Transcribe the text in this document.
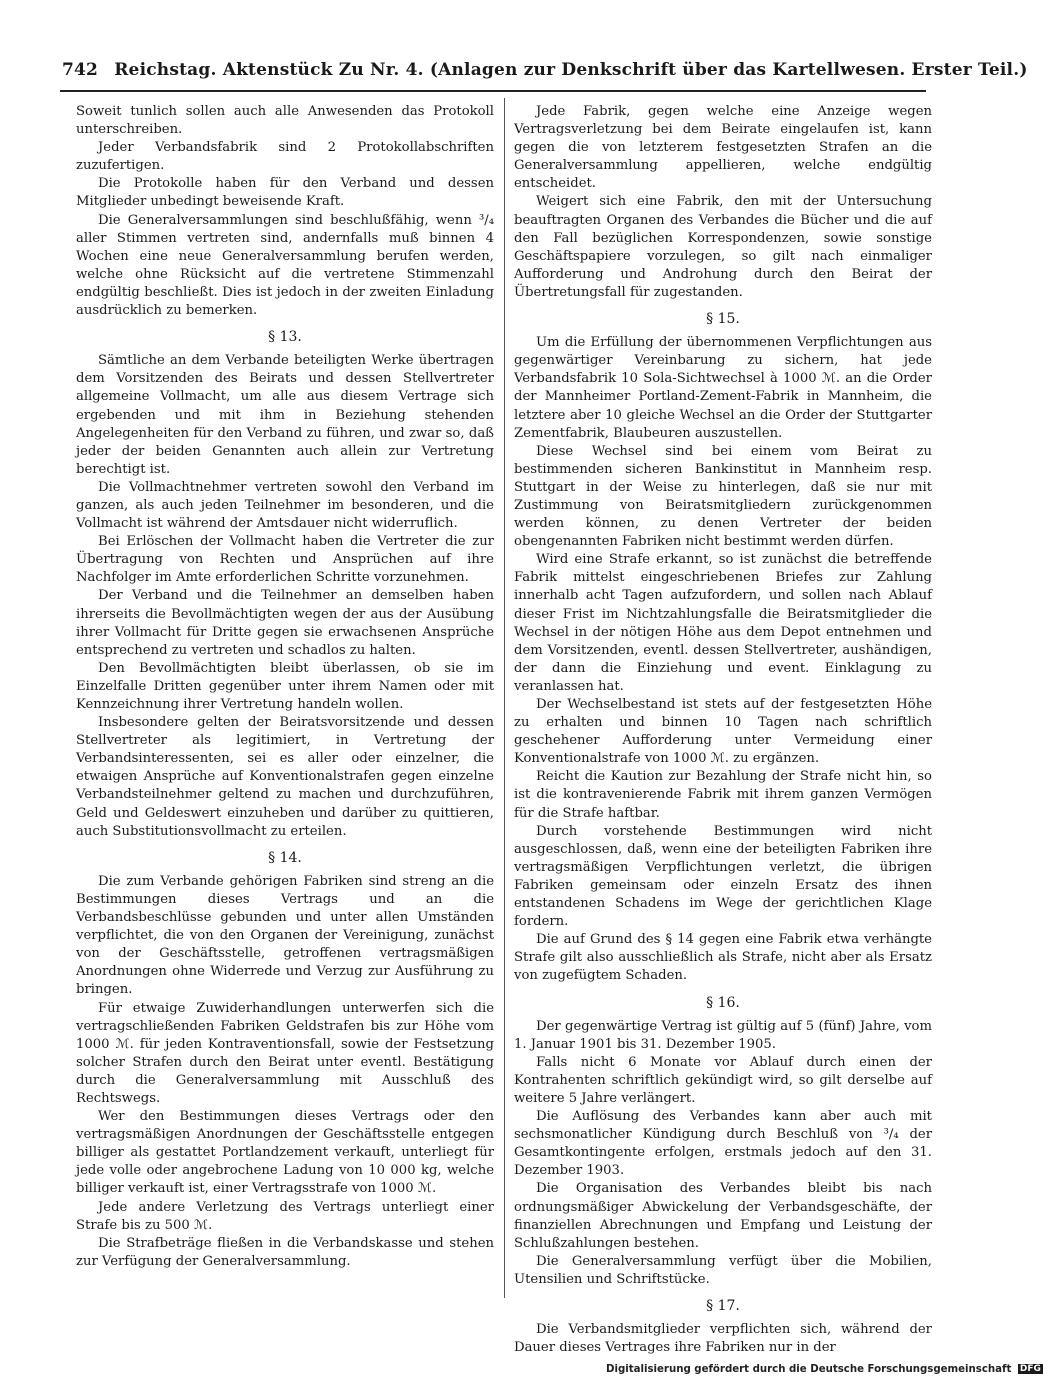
742 Reichstag. Aktenstück Zu Nr. 4. (Anlagen zur Denkschrift über das Kartellwesen. Erster Teil.)

Soweit tunlich sollen auch alle Anwesenden das Protokoll unterschreiben.

Jeder Verbandsfabrik sind 2 Protokollabschriften zuzufertigen.

Die Protokolle haben für den Verband und dessen Mitglieder unbedingt beweisende Kraft.

Die Generalversammlungen sind beschlußfähig, wenn ³/₄ aller Stimmen vertreten sind, andernfalls muß binnen 4 Wochen eine neue Generalversammlung berufen werden, welche ohne Rücksicht auf die vertretene Stimmenzahl endgültig beschließt. Dies ist jedoch in der zweiten Einladung ausdrücklich zu bemerken.

§ 13.

Sämtliche an dem Verbande beteiligten Werke übertragen dem Vorsitzenden des Beirats und dessen Stellvertreter allgemeine Vollmacht, um alle aus diesem Vertrage sich ergebenden und mit ihm in Beziehung stehenden Angelegenheiten für den Verband zu führen, und zwar so, daß jeder der beiden Genannten auch allein zur Vertretung berechtigt ist.

Die Vollmachtnehmer vertreten sowohl den Verband im ganzen, als auch jeden Teilnehmer im besonderen, und die Vollmacht ist während der Amtsdauer nicht widerruflich.

Bei Erlöschen der Vollmacht haben die Vertreter die zur Übertragung von Rechten und Ansprüchen auf ihre Nachfolger im Amte erforderlichen Schritte vorzunehmen.

Der Verband und die Teilnehmer an demselben haben ihrerseits die Bevollmächtigten wegen der aus der Ausübung ihrer Vollmacht für Dritte gegen sie erwachsenen Ansprüche entsprechend zu vertreten und schadlos zu halten.

Den Bevollmächtigten bleibt überlassen, ob sie im Einzelfalle Dritten gegenüber unter ihrem Namen oder mit Kennzeichnung ihrer Vertretung handeln wollen.

Insbesondere gelten der Beiratsvorsitzende und dessen Stellvertreter als legitimiert, in Vertretung der Verbandsinteressenten, sei es aller oder einzelner, die etwaigen Ansprüche auf Konventionalstrafen gegen einzelne Verbandsteilnehmer geltend zu machen und durchzuführen, Geld und Geldeswert einzuheben und darüber zu quittieren, auch Substitutionsvollmacht zu erteilen.

§ 14.

Die zum Verbande gehörigen Fabriken sind streng an die Bestimmungen dieses Vertrags und an die Verbandsbeschlüsse gebunden und unter allen Umständen verpflichtet, die von den Organen der Vereinigung, zunächst von der Geschäftsstelle, getroffenen vertragsmäßigen Anordnungen ohne Widerrede und Verzug zur Ausführung zu bringen.

Für etwaige Zuwiderhandlungen unterwerfen sich die vertragschließenden Fabriken Geldstrafen bis zur Höhe vom 1000 ℳ. für jeden Kontraventionsfall, sowie der Festsetzung solcher Strafen durch den Beirat unter eventl. Bestätigung durch die Generalversammlung mit Ausschluß des Rechtswegs.

Wer den Bestimmungen dieses Vertrags oder den vertragsmäßigen Anordnungen der Geschäftsstelle entgegen billiger als gestattet Portlandzement verkauft, unterliegt für jede volle oder angebrochene Ladung von 10 000 kg, welche billiger verkauft ist, einer Vertragsstrafe von 1000 ℳ.

Jede andere Verletzung des Vertrags unterliegt einer Strafe bis zu 500 ℳ.

Die Strafbeträge fließen in die Verbandskasse und stehen zur Verfügung der Generalversammlung.

Jede Fabrik, gegen welche eine Anzeige wegen Vertragsverletzung bei dem Beirate eingelaufen ist, kann gegen die von letzterem festgesetzten Strafen an die Generalversammlung appellieren, welche endgültig entscheidet.

Weigert sich eine Fabrik, den mit der Untersuchung beauftragten Organen des Verbandes die Bücher und die auf den Fall bezüglichen Korrespondenzen, sowie sonstige Geschäftspapiere vorzulegen, so gilt nach einmaliger Aufforderung und Androhung durch den Beirat der Übertretungsfall für zugestanden.

§ 15.

Um die Erfüllung der übernommenen Verpflichtungen aus gegenwärtiger Vereinbarung zu sichern, hat jede Verbandsfabrik 10 Sola-Sichtwechsel à 1000 ℳ. an die Order der Mannheimer Portland-Zement-Fabrik in Mannheim, die letztere aber 10 gleiche Wechsel an die Order der Stuttgarter Zementfabrik, Blaubeuren auszustellen.

Diese Wechsel sind bei einem vom Beirat zu bestimmenden sicheren Bankinstitut in Mannheim resp. Stuttgart in der Weise zu hinterlegen, daß sie nur mit Zustimmung von Beiratsmitgliedern zurückgenommen werden können, zu denen Vertreter der beiden obengenannten Fabriken nicht bestimmt werden dürfen.

Wird eine Strafe erkannt, so ist zunächst die betreffende Fabrik mittelst eingeschriebenen Briefes zur Zahlung innerhalb acht Tagen aufzufordern, und sollen nach Ablauf dieser Frist im Nichtzahlungsfalle die Beiratsmitglieder die Wechsel in der nötigen Höhe aus dem Depot entnehmen und dem Vorsitzenden, eventl. dessen Stellvertreter, aushändigen, der dann die Einziehung und event. Einklagung zu veranlassen hat.

Der Wechselbestand ist stets auf der festgesetzten Höhe zu erhalten und binnen 10 Tagen nach schriftlich geschehener Aufforderung unter Vermeidung einer Konventionalstrafe von 1000 ℳ. zu ergänzen.

Reicht die Kaution zur Bezahlung der Strafe nicht hin, so ist die kontravenierende Fabrik mit ihrem ganzen Vermögen für die Strafe haftbar.

Durch vorstehende Bestimmungen wird nicht ausgeschlossen, daß, wenn eine der beteiligten Fabriken ihre vertragsmäßigen Verpflichtungen verletzt, die übrigen Fabriken gemeinsam oder einzeln Ersatz des ihnen entstandenen Schadens im Wege der gerichtlichen Klage fordern.

Die auf Grund des § 14 gegen eine Fabrik etwa verhängte Strafe gilt also ausschließlich als Strafe, nicht aber als Ersatz von zugefügtem Schaden.

§ 16.

Der gegenwärtige Vertrag ist gültig auf 5 (fünf) Jahre, vom 1. Januar 1901 bis 31. Dezember 1905.

Falls nicht 6 Monate vor Ablauf durch einen der Kontrahenten schriftlich gekündigt wird, so gilt derselbe auf weitere 5 Jahre verlängert.

Die Auflösung des Verbandes kann aber auch mit sechsmonatlicher Kündigung durch Beschluß von ³/₄ der Gesamtkontingente erfolgen, erstmals jedoch auf den 31. Dezember 1903.

Die Organisation des Verbandes bleibt bis nach ordnungsmäßiger Abwickelung der Verbandsgeschäfte, der finanziellen Abrechnungen und Empfang und Leistung der Schlußzahlungen bestehen.

Die Generalversammlung verfügt über die Mobilien, Utensilien und Schriftstücke.

§ 17.

Die Verbandsmitglieder verpflichten sich, während der Dauer dieses Vertrages ihre Fabriken nur in der

Digitalisierung gefördert durch die Deutsche Forschungsgemeinschaft DFG
